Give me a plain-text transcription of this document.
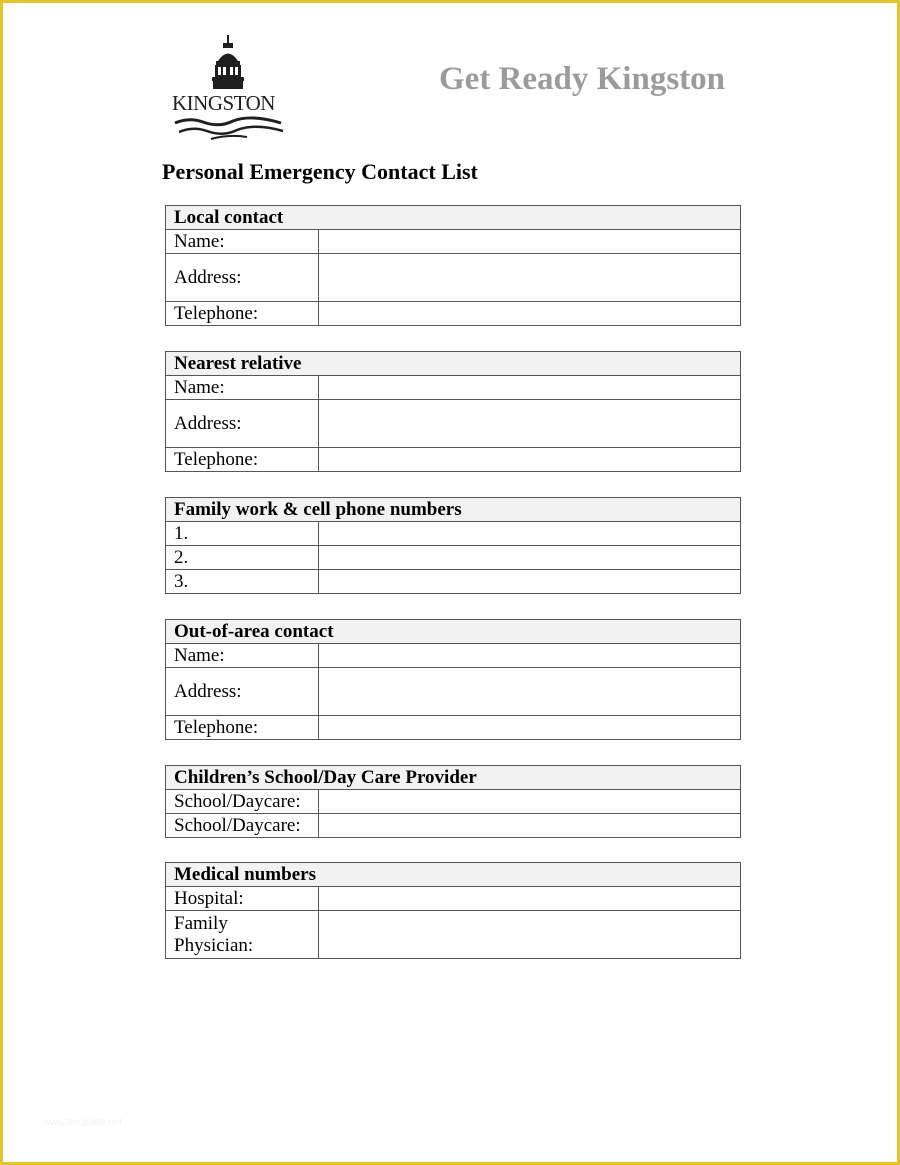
KINGSTON
Get Ready Kingston
Personal Emergency Contact List
Local contact	
Name:	
Address:	
Telephone:	
Nearest relative	
Name:	
Address:	
Telephone:	
Family work & cell phone numbers	
1.	
2.	
3.	
Out-of-area contact	
Name:	
Address:	
Telephone:	
Children’s School/Day Care Provider	
School/Daycare:	
School/Daycare:	
Medical numbers	
Hospital:	

Family
Physician:	

www.template.net
